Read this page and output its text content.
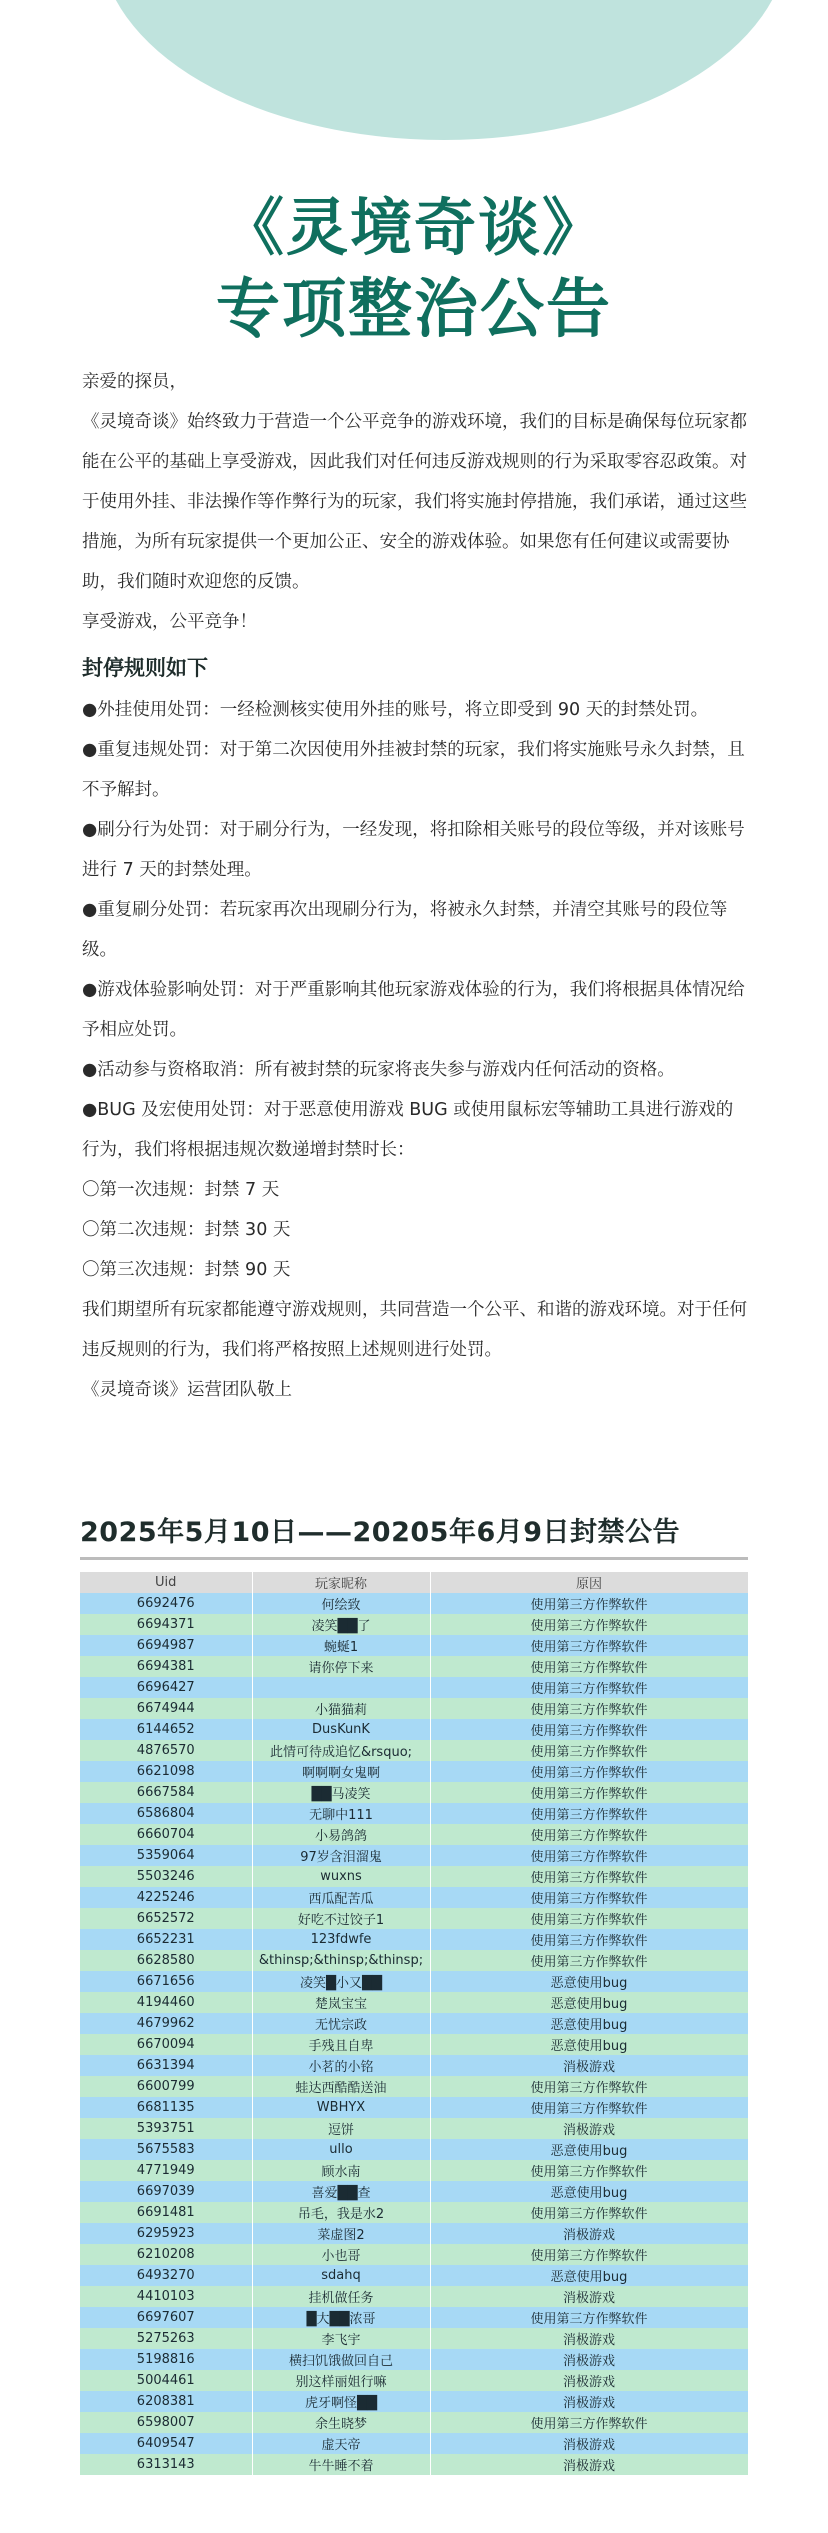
《灵境奇谈》
专项整治公告

亲爱的探员，

《灵境奇谈》始终致力于营造一个公平竞争的游戏环境，我们的目标是确保每位玩家都能在公平的基础上享受游戏，因此我们对任何违反游戏规则的行为采取零容忍政策。对于使用外挂、非法操作等作弊行为的玩家，我们将实施封停措施，我们承诺，通过这些措施，为所有玩家提供一个更加公正、安全的游戏体验。如果您有任何建议或需要协助，我们随时欢迎您的反馈。

享受游戏，公平竞争！

封停规则如下

●外挂使用处罚：一经检测核实使用外挂的账号，将立即受到 90 天的封禁处罚。

●重复违规处罚：对于第二次因使用外挂被封禁的玩家，我们将实施账号永久封禁，且不予解封。

●刷分行为处罚：对于刷分行为，一经发现，将扣除相关账号的段位等级，并对该账号进行 7 天的封禁处理。

●重复刷分处罚：若玩家再次出现刷分行为，将被永久封禁，并清空其账号的段位等级。

●游戏体验影响处罚：对于严重影响其他玩家游戏体验的行为，我们将根据具体情况给予相应处罚。

●活动参与资格取消：所有被封禁的玩家将丧失参与游戏内任何活动的资格。

●BUG 及宏使用处罚：对于恶意使用游戏 BUG 或使用鼠标宏等辅助工具进行游戏的行为，我们将根据违规次数递增封禁时长：

〇第一次违规：封禁 7 天

〇第二次违规：封禁 30 天

〇第三次违规：封禁 90 天

我们期望所有玩家都能遵守游戏规则，共同营造一个公平、和谐的游戏环境。对于任何违反规则的行为，我们将严格按照上述规则进行处罚。

《灵境奇谈》运营团队敬上

2025年5月10日——20205年6月9日封禁公告
Uid	玩家昵称	原因
6692476	何绘致	使用第三方作弊软件
6694371	凌笑██了	使用第三方作弊软件
6694987	蜿蜒1	使用第三方作弊软件
6694381	请你停下来	使用第三方作弊软件
6696427		使用第三方作弊软件
6674944	小猫猫莉	使用第三方作弊软件
6144652	DusKunK	使用第三方作弊软件
4876570	此情可待成追忆&rsquo;	使用第三方作弊软件
6621098	啊啊啊女鬼啊	使用第三方作弊软件
6667584	██马凌笑	使用第三方作弊软件
6586804	无聊中111	使用第三方作弊软件
6660704	小易鸽鸽	使用第三方作弊软件
5359064	97岁含泪溜鬼	使用第三方作弊软件
5503246	wuxns	使用第三方作弊软件
4225246	西瓜配苦瓜	使用第三方作弊软件
6652572	好吃不过饺子1	使用第三方作弊软件
6652231	123fdwfe	使用第三方作弊软件
6628580	&thinsp;&thinsp;&thinsp;	使用第三方作弊软件
6671656	凌笑█小又██	恶意使用bug
4194460	楚岚宝宝	恶意使用bug
4679962	无忧宗政	恶意使用bug
6670094	手残且自卑	恶意使用bug
6631394	小茗的小铭	消极游戏
6600799	蛙达西酷酷送油	使用第三方作弊软件
6681135	WBHYX	使用第三方作弊软件
5393751	逗饼	消极游戏
5675583	ullo	恶意使用bug
4771949	顾水南	使用第三方作弊软件
6697039	喜爱██查	恶意使用bug
6691481	吊毛，我是水2	使用第三方作弊软件
6295923	菜虚图2	消极游戏
6210208	小也哥	使用第三方作弊软件
6493270	sdahq	恶意使用bug
4410103	挂机做任务	消极游戏
6697607	█大██浓哥	使用第三方作弊软件
5275263	李飞宇	消极游戏
5198816	横扫饥饿做回自己	消极游戏
5004461	别这样丽姐行嘛	消极游戏
6208381	虎牙啊怪██	消极游戏
6598007	余生晓梦	使用第三方作弊软件
6409547	虚天帝	消极游戏
6313143	牛牛睡不着	消极游戏
